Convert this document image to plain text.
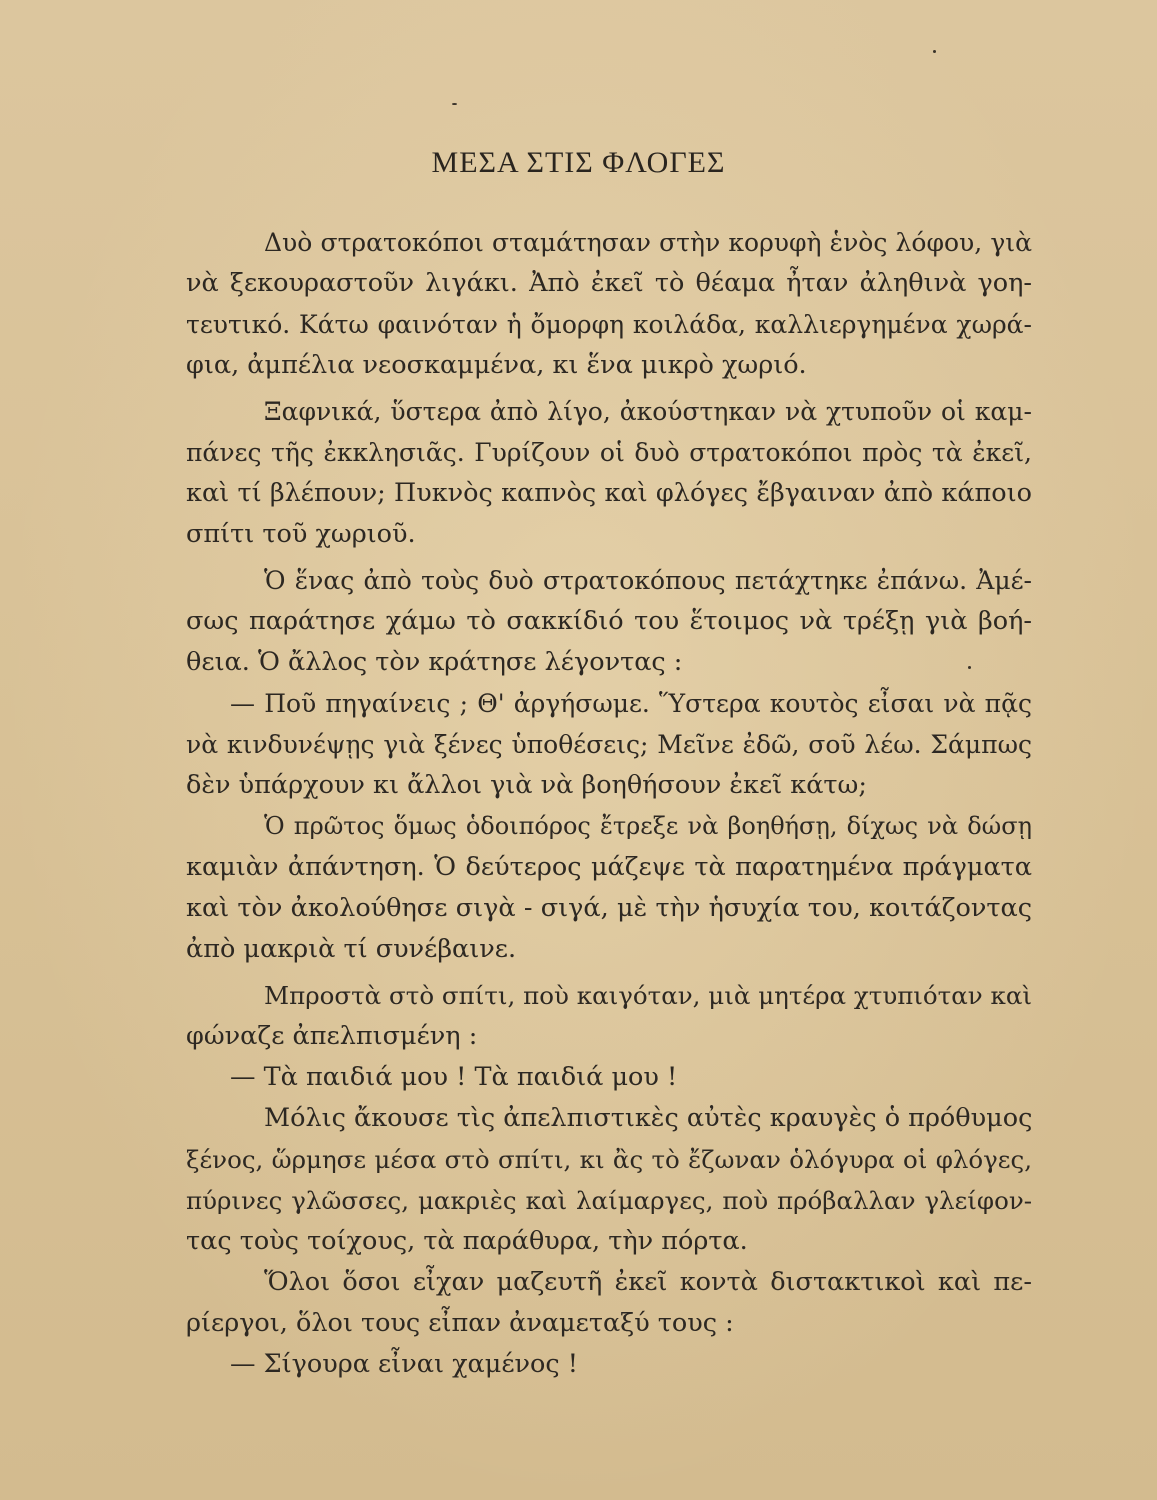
ΜΕΣΑ ΣΤΙΣ ΦΛΟΓΕΣ
Δυὸ στρατοκόποι σταμάτησαν στὴν κορυφὴ ἑνὸς λόφου, γιὰ
νὰ ξεκουραστοῦν λιγάκι. Ἀπὸ ἐκεῖ τὸ θέαμα ἦταν ἀληθινὰ γοη-
τευτικό. Κάτω φαινόταν ἡ ὄμορφη κοιλάδα, καλλιεργημένα χωρά-
φια, ἀμπέλια νεοσκαμμένα, κι ἕνα μικρὸ χωριό.
Ξαφνικά, ὕστερα ἀπὸ λίγο, ἀκούστηκαν νὰ χτυποῦν οἱ καμ-
πάνες τῆς ἐκκλησιᾶς. Γυρίζουν οἱ δυὸ στρατοκόποι πρὸς τὰ ἐκεῖ,
καὶ τί βλέπουν; Πυκνὸς καπνὸς καὶ φλόγες ἔβγαιναν ἀπὸ κάποιο
σπίτι τοῦ χωριοῦ.
Ὁ ἕνας ἀπὸ τοὺς δυὸ στρατοκόπους πετάχτηκε ἐπάνω. Ἀμέ-
σως παράτησε χάμω τὸ σακκίδιό του ἕτοιμος νὰ τρέξῃ γιὰ βοή-
θεια. Ὁ ἄλλος τὸν κράτησε λέγοντας :
— Ποῦ πηγαίνεις ; Θ' ἀργήσωμε. Ὕστερα κουτὸς εἶσαι νὰ πᾷς
νὰ κινδυνέψῃς γιὰ ξένες ὑποθέσεις; Μεῖνε ἐδῶ, σοῦ λέω. Σάμπως
δὲν ὑπάρχουν κι ἄλλοι γιὰ νὰ βοηθήσουν ἐκεῖ κάτω;
Ὁ πρῶτος ὅμως ὁδοιπόρος ἔτρεξε νὰ βοηθήσῃ, δίχως νὰ δώσῃ
καμιὰν ἀπάντηση. Ὁ δεύτερος μάζεψε τὰ παρατημένα πράγματα
καὶ τὸν ἀκολούθησε σιγὰ - σιγά, μὲ τὴν ἡσυχία του, κοιτάζοντας
ἀπὸ μακριὰ τί συνέβαινε.
Μπροστὰ στὸ σπίτι, ποὺ καιγόταν, μιὰ μητέρα χτυπιόταν καὶ
φώναζε ἀπελπισμένη :
— Τὰ παιδιά μου ! Τὰ παιδιά μου !
Μόλις ἄκουσε τὶς ἀπελπιστικὲς αὐτὲς κραυγὲς ὁ πρόθυμος
ξένος, ὥρμησε μέσα στὸ σπίτι, κι ἂς τὸ ἔζωναν ὁλόγυρα οἱ φλόγες,
πύρινες γλῶσσες, μακριὲς καὶ λαίμαργες, ποὺ πρόβαλλαν γλείφον-
τας τοὺς τοίχους, τὰ παράθυρα, τὴν πόρτα.
Ὅλοι ὅσοι εἶχαν μαζευτῆ ἐκεῖ κοντὰ διστακτικοὶ καὶ πε-
ρίεργοι, ὅλοι τους εἶπαν ἀναμεταξύ τους :
— Σίγουρα εἶναι χαμένος !
